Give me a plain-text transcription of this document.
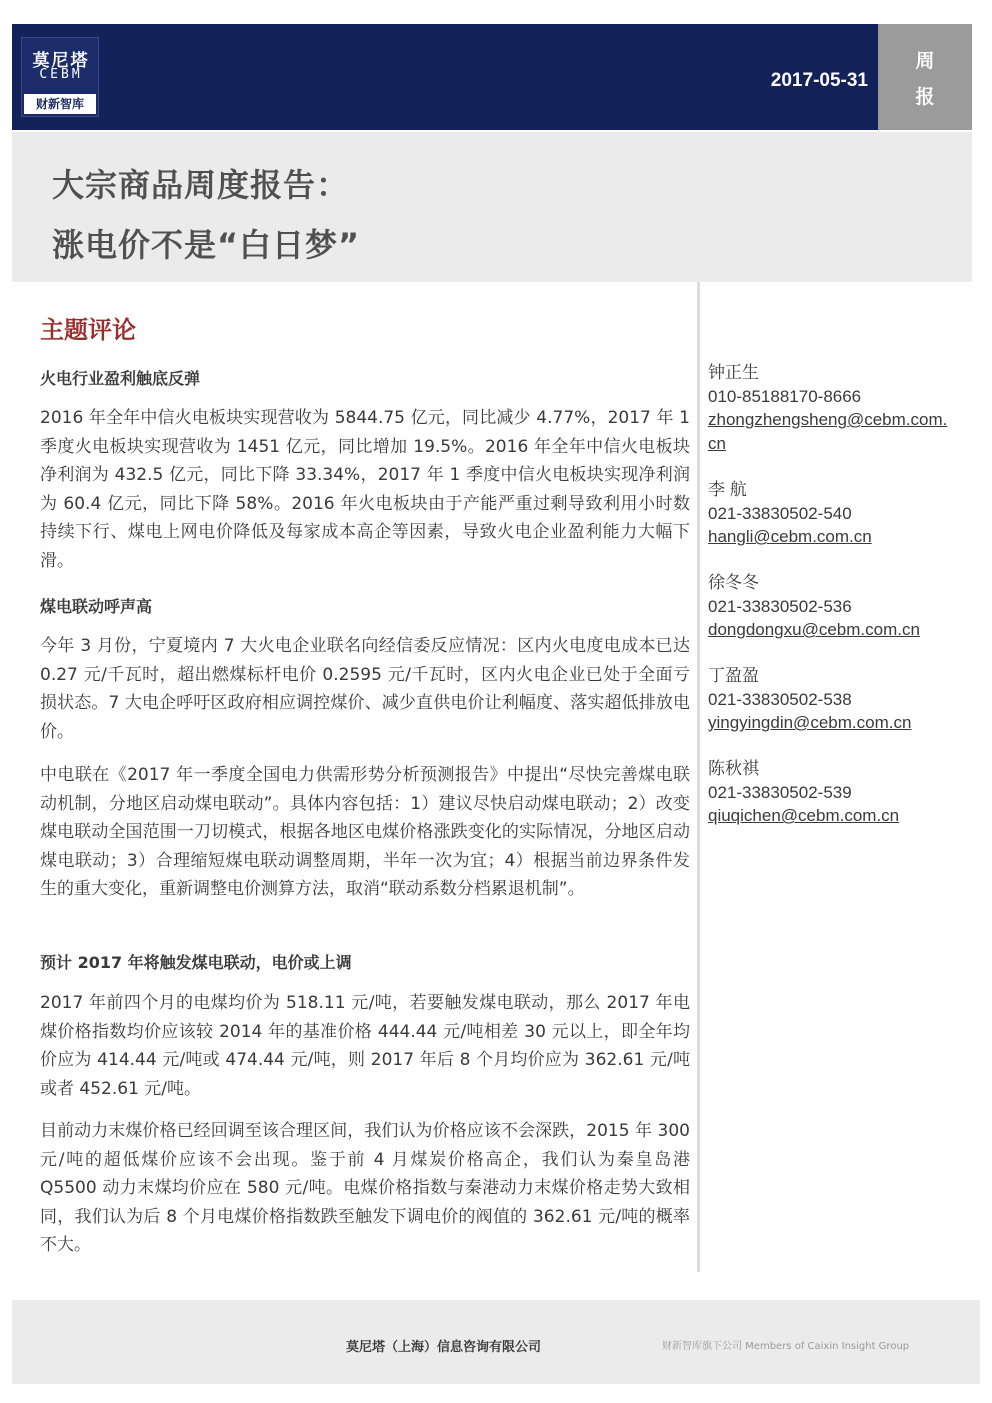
莫尼塔
CEBM
财新智库
2017-05-31
周
报
大宗商品周度报告：
涨电价不是“白日梦”
主题评论
火电行业盈利触底反弹
2016 年全年中信火电板块实现营收为 5844.75 亿元，同比减少 4.77%，2017 年 1 季度火电板块实现营收为 1451 亿元，同比增加 19.5%。2016 年全年中信火电板块净利润为 432.5 亿元，同比下降 33.34%，2017 年 1 季度中信火电板块实现净利润为 60.4 亿元，同比下降 58%。2016 年火电板块由于产能严重过剩导致利用小时数持续下行、煤电上网电价降低及每家成本高企等因素，导致火电企业盈利能力大幅下滑。
煤电联动呼声高
今年 3 月份，宁夏境内 7 大火电企业联名向经信委反应情况：区内火电度电成本已达 0.27 元/千瓦时，超出燃煤标杆电价 0.2595 元/千瓦时，区内火电企业已处于全面亏损状态。7 大电企呼吁区政府相应调控煤价、减少直供电价让利幅度、落实超低排放电价。
中电联在《2017 年一季度全国电力供需形势分析预测报告》中提出“尽快完善煤电联动机制，分地区启动煤电联动”。具体内容包括：1）建议尽快启动煤电联动；2）改变煤电联动全国范围一刀切模式，根据各地区电煤价格涨跌变化的实际情况，分地区启动煤电联动；3）合理缩短煤电联动调整周期，半年一次为宜；4）根据当前边界条件发生的重大变化，重新调整电价测算方法，取消“联动系数分档累退机制”。
预计 2017 年将触发煤电联动，电价或上调
2017 年前四个月的电煤均价为 518.11 元/吨，若要触发煤电联动，那么 2017 年电煤价格指数均价应该较 2014 年的基准价格 444.44 元/吨相差 30 元以上，即全年均价应为 414.44 元/吨或 474.44 元/吨，则 2017 年后 8 个月均价应为 362.61 元/吨或者 452.61 元/吨。
目前动力末煤价格已经回调至该合理区间，我们认为价格应该不会深跌，2015 年 300 元/吨的超低煤价应该不会出现。鉴于前 4 月煤炭价格高企，我们认为秦皇岛港 Q5500 动力末煤均价应在 580 元/吨。电煤价格指数与秦港动力末煤价格走势大致相同，我们认为后 8 个月电煤价格指数跌至触发下调电价的阀值的 362.61 元/吨的概率不大。
钟正生
010-85188170-8666
zhongzhengsheng@cebm.com.cn
李 航
021-33830502-540
hangli@cebm.com.cn
徐冬冬
021-33830502-536
dongdongxu@cebm.com.cn
丁盈盈
021-33830502-538
yingyingdin@cebm.com.cn
陈秋祺
021-33830502-539
qiuqichen@cebm.com.cn
莫尼塔（上海）信息咨询有限公司	财新智库旗下公司 Members of Caixin Insight Group
